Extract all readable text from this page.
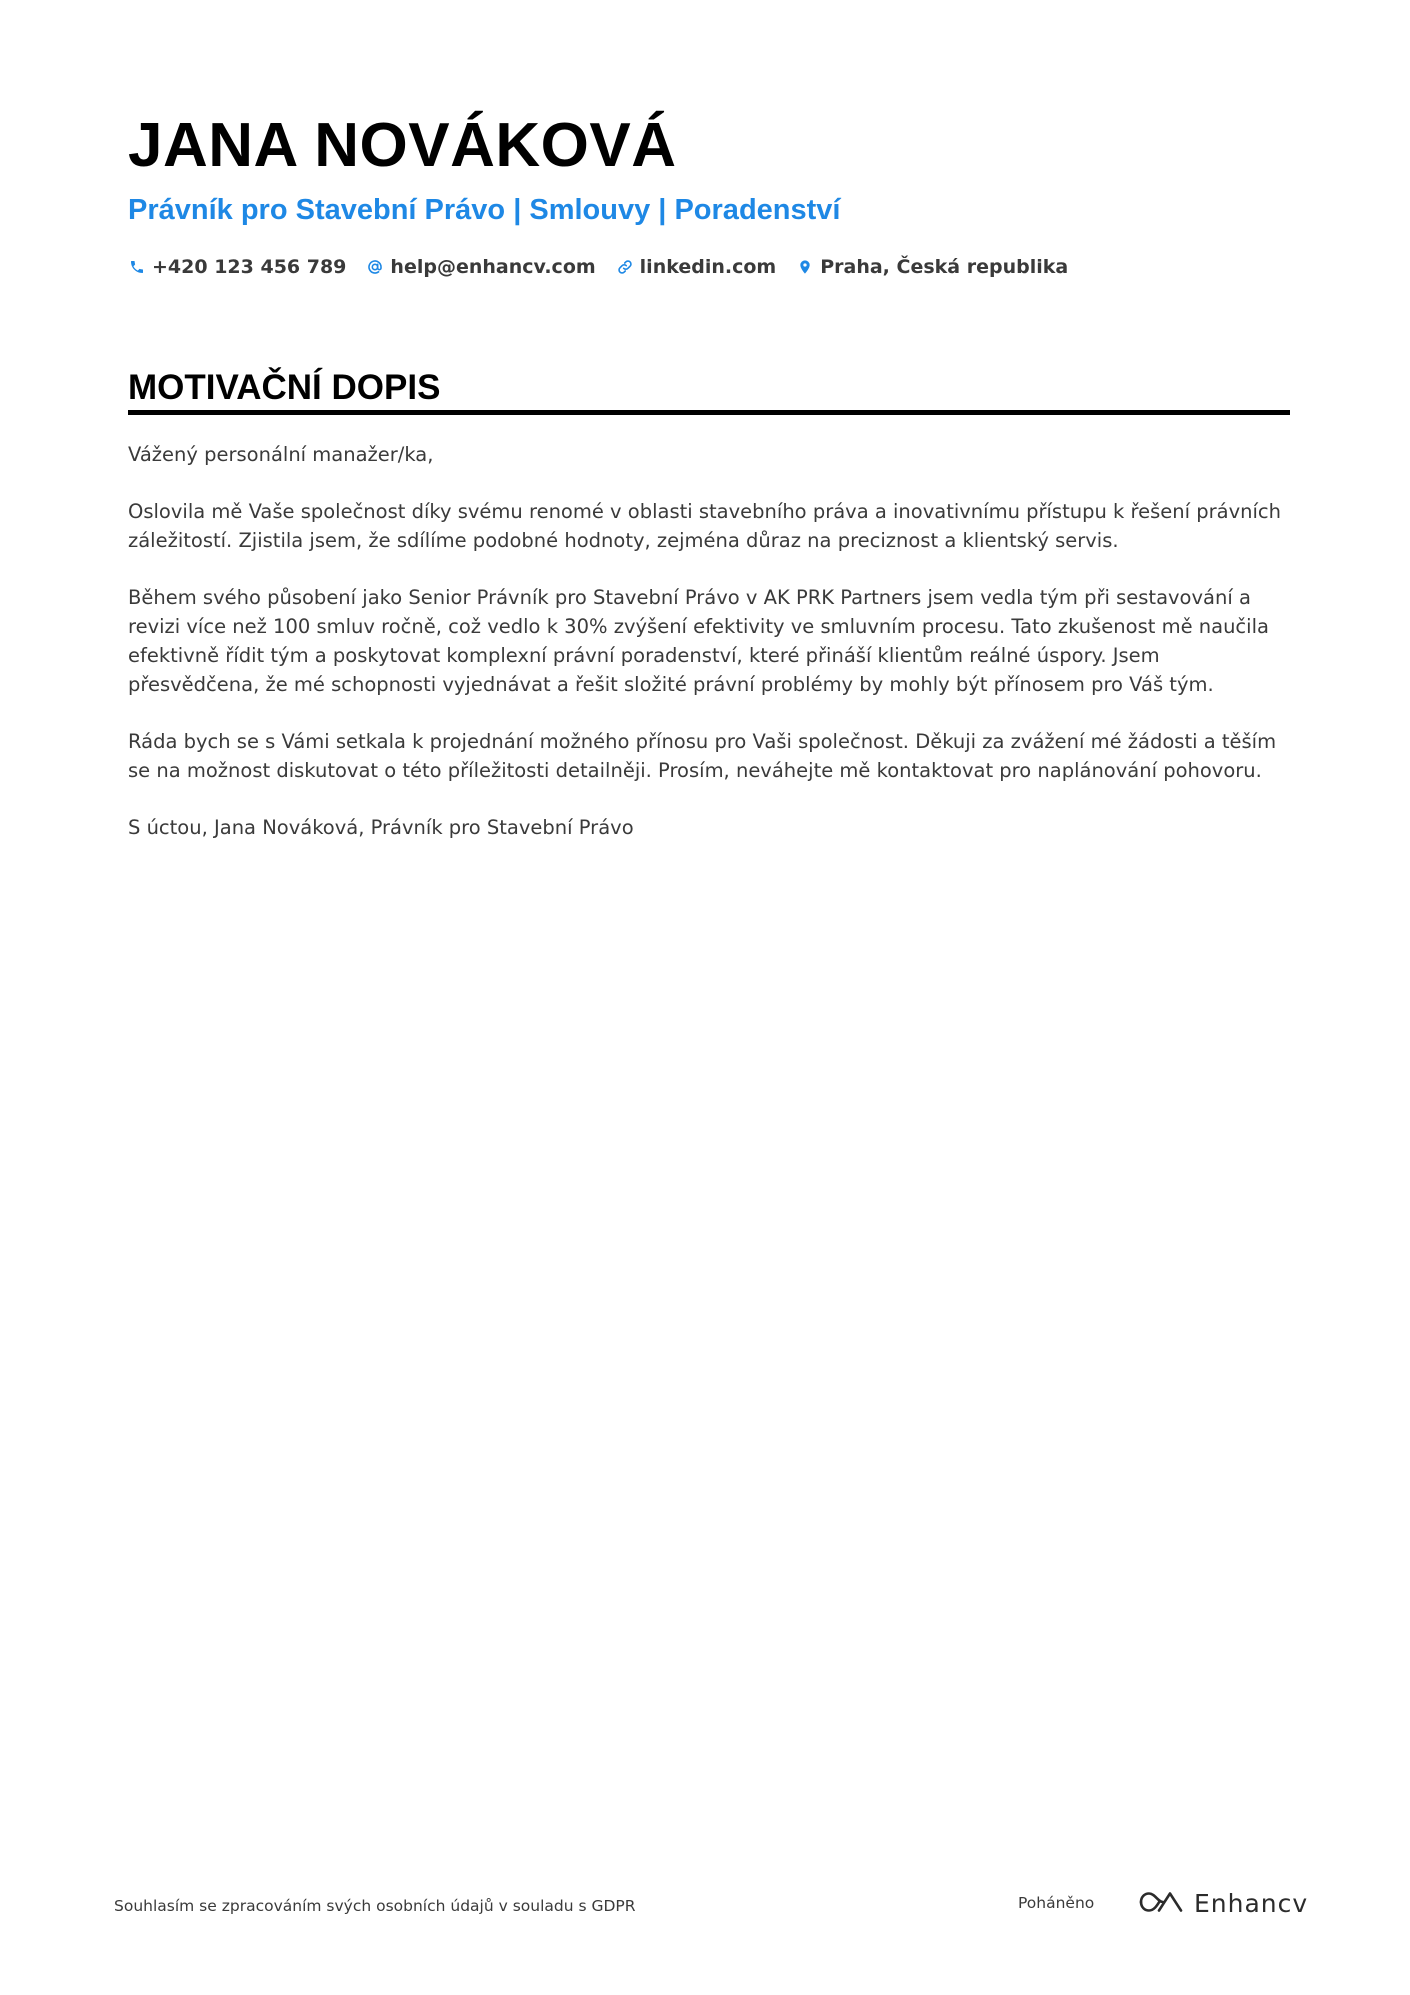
JANA NOVÁKOVÁ
Právník pro Stavební Právo | Smlouvy | Poradenství
+420 123 456 789 help@enhancv.com linkedin.com Praha, Česká republika
MOTIVAČNÍ DOPIS

Vážený personální manažer/ka,

Oslovila mě Vaše společnost díky svému renomé v oblasti stavebního práva a inovativnímu přístupu k řešení právních záležitostí. Zjistila jsem, že sdílíme podobné hodnoty, zejména důraz na preciznost a klientský servis.

Během svého působení jako Senior Právník pro Stavební Právo v AK PRK Partners jsem vedla tým při sestavování a revizi více než 100 smluv ročně, což vedlo k 30% zvýšení efektivity ve smluvním procesu. Tato zkušenost mě naučila efektivně řídit tým a poskytovat komplexní právní poradenství, které přináší klientům reálné úspory. Jsem přesvědčena, že mé schopnosti vyjednávat a řešit složité právní problémy by mohly být přínosem pro Váš tým.

Ráda bych se s Vámi setkala k projednání možného přínosu pro Vaši společnost. Děkuji za zvážení mé žádosti a těším se na možnost diskutovat o této příležitosti detailněji. Prosím, neváhejte mě kontaktovat pro naplánování pohovoru.

S úctou, Jana Nováková, Právník pro Stavební Právo

Souhlasím se zpracováním svých osobních údajů v souladu s GDPR	Poháněno	Enhancv
